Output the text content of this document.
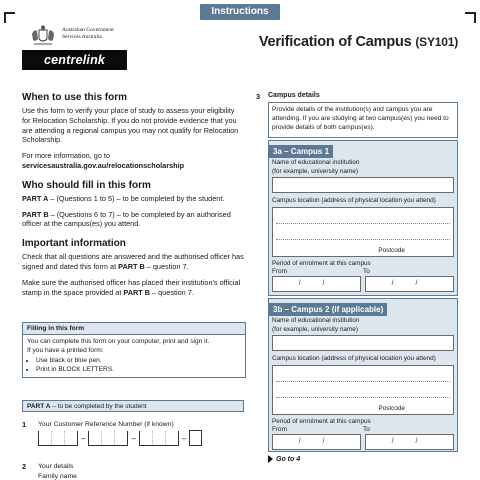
Instructions
Australian Government
Services Australia
centrelink
Verification of Campus (SY101)
When to use this form
Use this form to verify your place of study to assess your eligibility for Relocation Scholarship. If you do not provide evidence that you are attending a regional campus you may not qualify for Relocation Scholarship.
For more information, go to
servicesaustralia.gov.au/relocationscholarship
Who should fill in this form
PART A – (Questions 1 to 5) – to be completed by the student.
PART B – (Questions 6 to 7) – to be completed by an authorised officer at the campus(es) you attend.
Important information
Check that all questions are answered and the authorised officer has signed and dated this form at PART B – question 7.
Make sure the authorised officer has placed their institution's official stamp in the space provided at PART B – question 7.
Filling in this form
You can complete this form on your computer, print and sign it.
If you have a printed form:
• Use black or blue pen.
• Print in BLOCK LETTERS.
PART A – to be completed by the student
1 Your Customer Reference Number (if known)
–	–	–
2 Your details
Family name
3 Campus details
Provide details of the institution(s) and campus you are attending. If you are studying at two campus(es) you need to provide details of both campus(es).
3a – Campus 1
Name of educational institution
(for example, university name)
Campus location (address of physical location you attend)
Postcode
Period of enrolment at this campus
From	To
/ /	/ /
3b – Campus 2 (if applicable)
Name of educational institution
(for example, university name)
Campus location (address of physical location you attend)
Postcode
Period of enrolment at this campus
From	To
/ /	/ /
Go to 4
